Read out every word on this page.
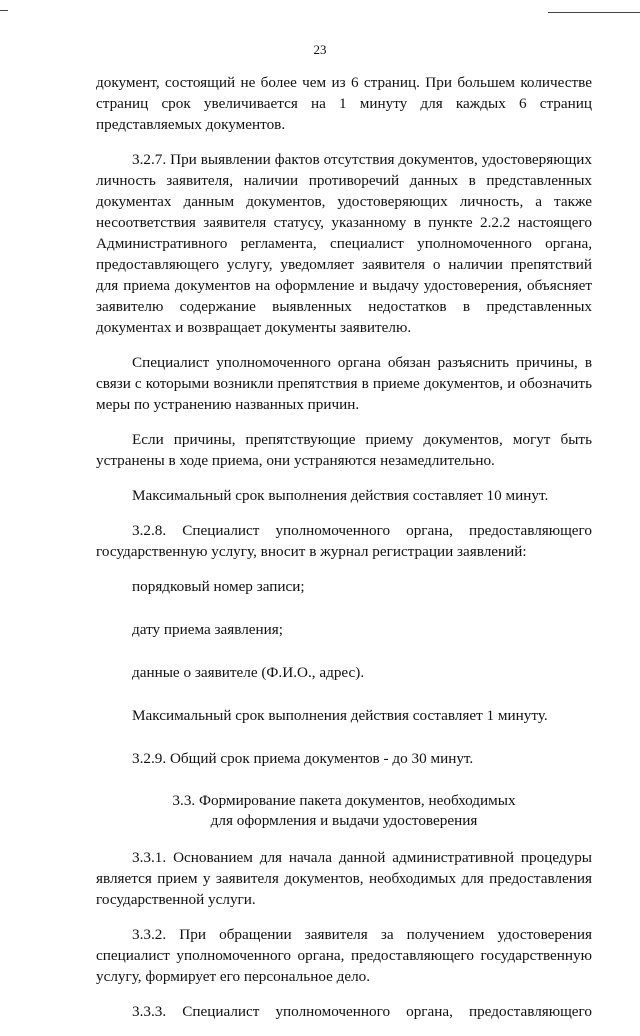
23

документ, состоящий не более чем из 6 страниц. При большем количестве страниц срок увеличивается на 1 минуту для каждых 6 страниц представляемых документов.

3.2.7. При выявлении фактов отсутствия документов, удостоверяющих личность заявителя, наличии противоречий данных в представленных документах данным документов, удостоверяющих личность, а также несоответствия заявителя статусу, указанному в пункте 2.2.2 настоящего Административного регламента, специалист уполномоченного органа, предоставляющего услугу, уведомляет заявителя о наличии препятствий для приема документов на оформление и выдачу удостоверения, объясняет заявителю содержание выявленных недостатков в представленных документах и возвращает документы заявителю.

Специалист уполномоченного органа обязан разъяснить причины, в связи с которыми возникли препятствия в приеме документов, и обозначить меры по устранению названных причин.

Если причины, препятствующие приему документов, могут быть устранены в ходе приема, они устраняются незамедлительно.

Максимальный срок выполнения действия составляет 10 минут.

3.2.8. Специалист уполномоченного органа, предоставляющего государственную услугу, вносит в журнал регистрации заявлений:

порядковый номер записи;

дату приема заявления;

данные о заявителе (Ф.И.О., адрес).

Максимальный срок выполнения действия составляет 1 минуту.

3.2.9. Общий срок приема документов - до 30 минут.

3.3. Формирование пакета документов, необходимых
для оформления и выдачи удостоверения

3.3.1. Основанием для начала данной административной процедуры является прием у заявителя документов, необходимых для предоставления государственной услуги.

3.3.2. При обращении заявителя за получением удостоверения специалист уполномоченного органа, предоставляющего государственную услугу, формирует его персональное дело.

3.3.3. Специалист уполномоченного органа, предоставляющего
